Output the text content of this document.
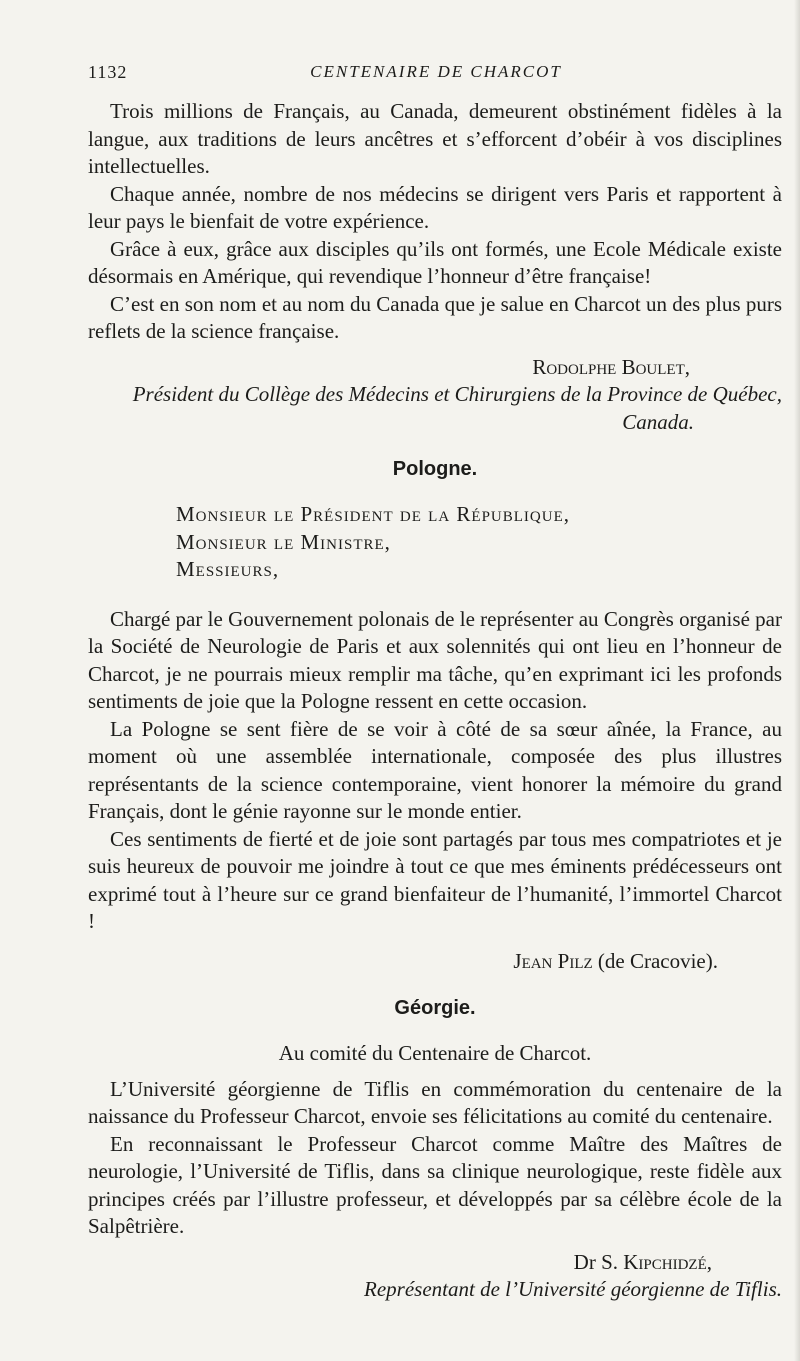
1132	CENTENAIRE DE CHARCOT

Trois millions de Français, au Canada, demeurent obstinément fidèles à la langue, aux traditions de leurs ancêtres et s’efforcent d’obéir à vos disciplines intellectuelles.

Chaque année, nombre de nos médecins se dirigent vers Paris et rapportent à leur pays le bienfait de votre expérience.

Grâce à eux, grâce aux disciples qu’ils ont formés, une Ecole Médicale existe désormais en Amérique, qui revendique l’honneur d’être française!

C’est en son nom et au nom du Canada que je salue en Charcot un des plus purs reflets de la science française.

Rodolphe Boulet,
Président du Collège des Médecins et Chirurgiens de la Province de Québec,
Canada.
Pologne.
Monsieur le Président de la République,
Monsieur le Ministre,
Messieurs,

Chargé par le Gouvernement polonais de le représenter au Congrès organisé par la Société de Neurologie de Paris et aux solennités qui ont lieu en l’honneur de Charcot, je ne pourrais mieux remplir ma tâche, qu’en exprimant ici les profonds sentiments de joie que la Pologne ressent en cette occasion.

La Pologne se sent fière de se voir à côté de sa sœur aînée, la France, au moment où une assemblée internationale, composée des plus illustres représentants de la science contemporaine, vient honorer la mémoire du grand Français, dont le génie rayonne sur le monde entier.

Ces sentiments de fierté et de joie sont partagés par tous mes compatriotes et je suis heureux de pouvoir me joindre à tout ce que mes éminents prédécesseurs ont exprimé tout à l’heure sur ce grand bienfaiteur de l’humanité, l’immortel Charcot !

Jean Pilz (de Cracovie).
Géorgie.
Au comité du Centenaire de Charcot.

L’Université géorgienne de Tiflis en commémoration du centenaire de la naissance du Professeur Charcot, envoie ses félicitations au comité du centenaire.

En reconnaissant le Professeur Charcot comme Maître des Maîtres de neurologie, l’Université de Tiflis, dans sa clinique neurologique, reste fidèle aux principes créés par l’illustre professeur, et développés par sa célèbre école de la Salpêtrière.

Dr S. Kipchidzé,
Représentant de l’Université géorgienne de Tiflis.
